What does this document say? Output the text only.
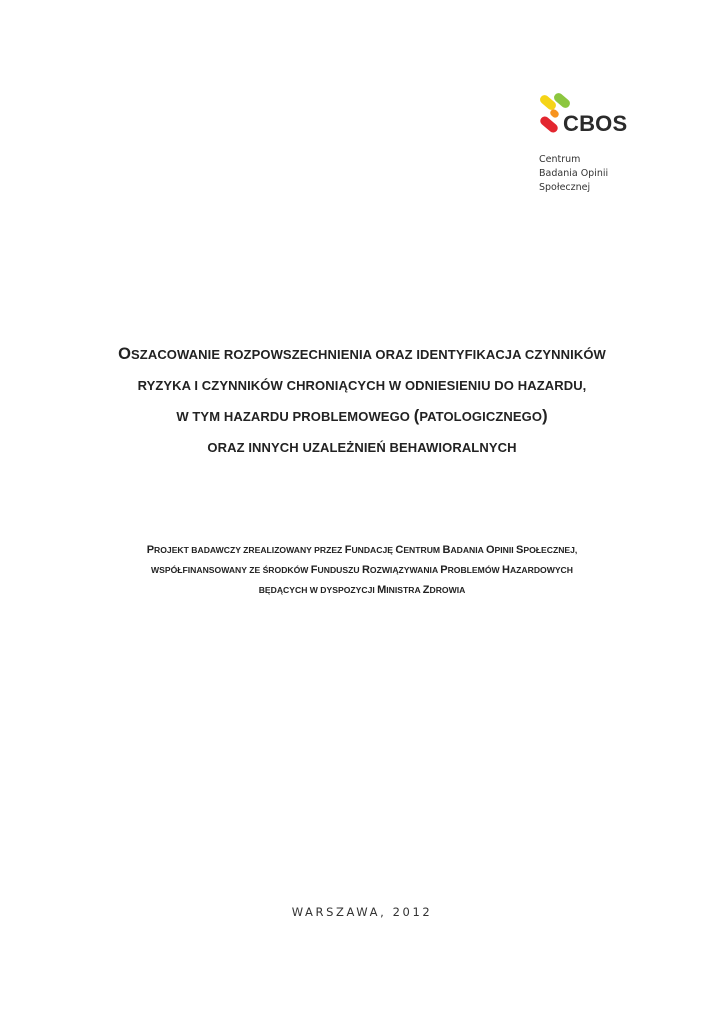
CBOS
Centrum
Badania Opinii
Społecznej
OSZACOWANIE ROZPOWSZECHNIENIA ORAZ IDENTYFIKACJA CZYNNIKÓW
RYZYKA I CZYNNIKÓW CHRONIĄCYCH W ODNIESIENIU DO HAZARDU,
W TYM HAZARDU PROBLEMOWEGO (PATOLOGICZNEGO)
ORAZ INNYCH UZALEŻNIEŃ BEHAWIORALNYCH
PROJEKT BADAWCZY ZREALIZOWANY PRZEZ FUNDACJĘ CENTRUM BADANIA OPINII SPOŁECZNEJ,
WSPÓŁFINANSOWANY ZE ŚRODKÓW FUNDUSZU ROZWIĄZYWANIA PROBLEMÓW HAZARDOWYCH
BĘDĄCYCH W DYSPOZYCJI MINISTRA ZDROWIA
WARSZAWA, 2012
